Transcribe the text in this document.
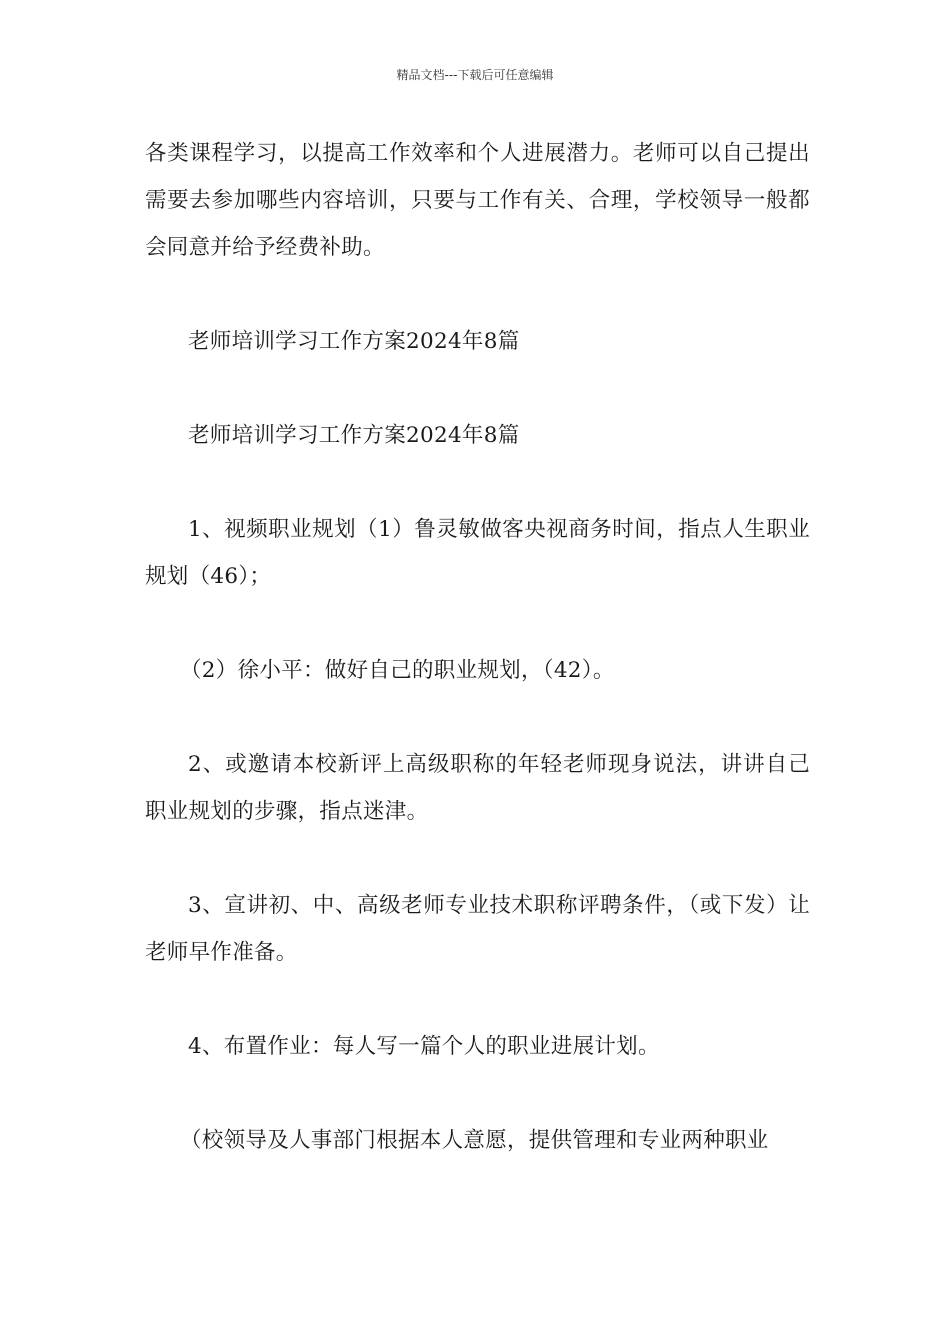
精品文档---下载后可任意编辑

各类课程学习，以提高工作效率和个人进展潜力。老师可以自己提出需要去参加哪些内容培训，只要与工作有关、合理，学校领导一般都会同意并给予经费补助。

老师培训学习工作方案2024年8篇

老师培训学习工作方案2024年8篇

1、视频职业规划（1）鲁灵敏做客央视商务时间，指点人生职业规划（46）；

（2）徐小平：做好自己的职业规划，（42）。

2、或邀请本校新评上高级职称的年轻老师现身说法，讲讲自己职业规划的步骤，指点迷津。

3、宣讲初、中、高级老师专业技术职称评聘条件，（或下发）让老师早作准备。

4、布置作业：每人写一篇个人的职业进展计划。

（校领导及人事部门根据本人意愿，提供管理和专业两种职业
